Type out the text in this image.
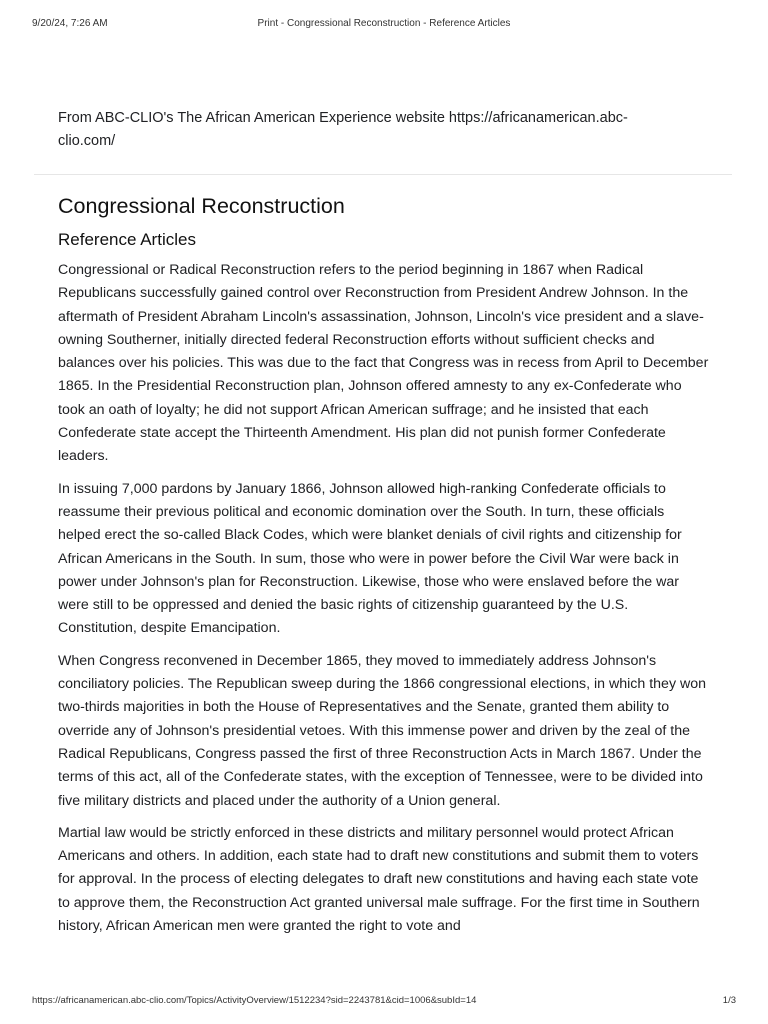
9/20/24, 7:26 AM	Print - Congressional Reconstruction - Reference Articles
From ABC-CLIO's The African American Experience website https://africanamerican.abc-clio.com/
Congressional Reconstruction
Reference Articles

Congressional or Radical Reconstruction refers to the period beginning in 1867 when Radical Republicans successfully gained control over Reconstruction from President Andrew Johnson. In the aftermath of President Abraham Lincoln's assassination, Johnson, Lincoln's vice president and a slave-owning Southerner, initially directed federal Reconstruction efforts without sufficient checks and balances over his policies. This was due to the fact that Congress was in recess from April to December 1865. In the Presidential Reconstruction plan, Johnson offered amnesty to any ex-Confederate who took an oath of loyalty; he did not support African American suffrage; and he insisted that each Confederate state accept the Thirteenth Amendment. His plan did not punish former Confederate leaders.

In issuing 7,000 pardons by January 1866, Johnson allowed high-ranking Confederate officials to reassume their previous political and economic domination over the South. In turn, these officials helped erect the so-called Black Codes, which were blanket denials of civil rights and citizenship for African Americans in the South. In sum, those who were in power before the Civil War were back in power under Johnson's plan for Reconstruction. Likewise, those who were enslaved before the war were still to be oppressed and denied the basic rights of citizenship guaranteed by the U.S. Constitution, despite Emancipation.

When Congress reconvened in December 1865, they moved to immediately address Johnson's conciliatory policies. The Republican sweep during the 1866 congressional elections, in which they won two-thirds majorities in both the House of Representatives and the Senate, granted them ability to override any of Johnson's presidential vetoes. With this immense power and driven by the zeal of the Radical Republicans, Congress passed the first of three Reconstruction Acts in March 1867. Under the terms of this act, all of the Confederate states, with the exception of Tennessee, were to be divided into five military districts and placed under the authority of a Union general.

Martial law would be strictly enforced in these districts and military personnel would protect African Americans and others. In addition, each state had to draft new constitutions and submit them to voters for approval. In the process of electing delegates to draft new constitutions and having each state vote to approve them, the Reconstruction Act granted universal male suffrage. For the first time in Southern history, African American men were granted the right to vote and

https://africanamerican.abc-clio.com/Topics/ActivityOverview/1512234?sid=2243781&cid=1006&subId=14	1/3
